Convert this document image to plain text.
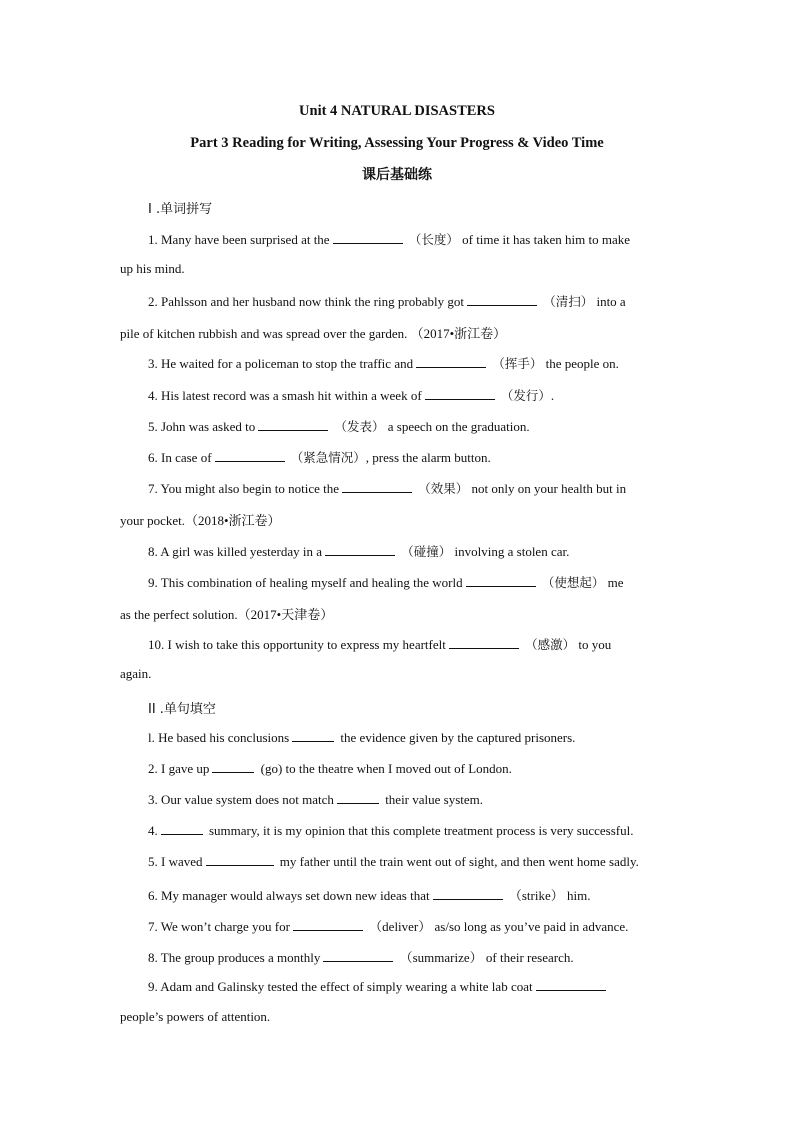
Unit 4 NATURAL DISASTERS
Part 3 Reading for Writing, Assessing Your Progress & Video Time
课后基础练
I .单词拼写
1. Many have been surprised at the	（长度） of time it has taken him to make
up his mind.
2. Pahlsson and her husband now think the ring probably got	（清扫） into a
pile of kitchen rubbish and was spread over the garden. （2017•浙江卷）
3. He waited for a policeman to stop the traffic and	（挥手） the people on.
4. His latest record was a smash hit within a week of	（发行）.
5. John was asked to	（发表） a speech on the graduation.
6. In case of	（紧急情况）, press the alarm button.
7. You might also begin to notice the	（效果） not only on your health but in
your pocket.（2018•浙江卷）
8. A girl was killed yesterday in a	（碰撞） involving a stolen car.
9. This combination of healing myself and healing the world	（使想起） me
as the perfect solution.（2017•天津卷）
10. I wish to take this opportunity to express my heartfelt	（感激） to you
again.
II .单句填空
l. He based his conclusions	the evidence given by the captured prisoners.
2. I gave up	(go) to the theatre when I moved out of London.
3. Our value system does not match	their value system.
4.	summary, it is my opinion that this complete treatment process is very successful.
5. I waved	my father until the train went out of sight, and then went home sadly.
6. My manager would always set down new ideas that	（strike） him.
7. We won’t charge you for	（deliver） as/so long as you’ve paid in advance.
8. The group produces a monthly	（summarize） of their research.
9. Adam and Galinsky tested the effect of simply wearing a white lab coat
people’s powers of attention.
